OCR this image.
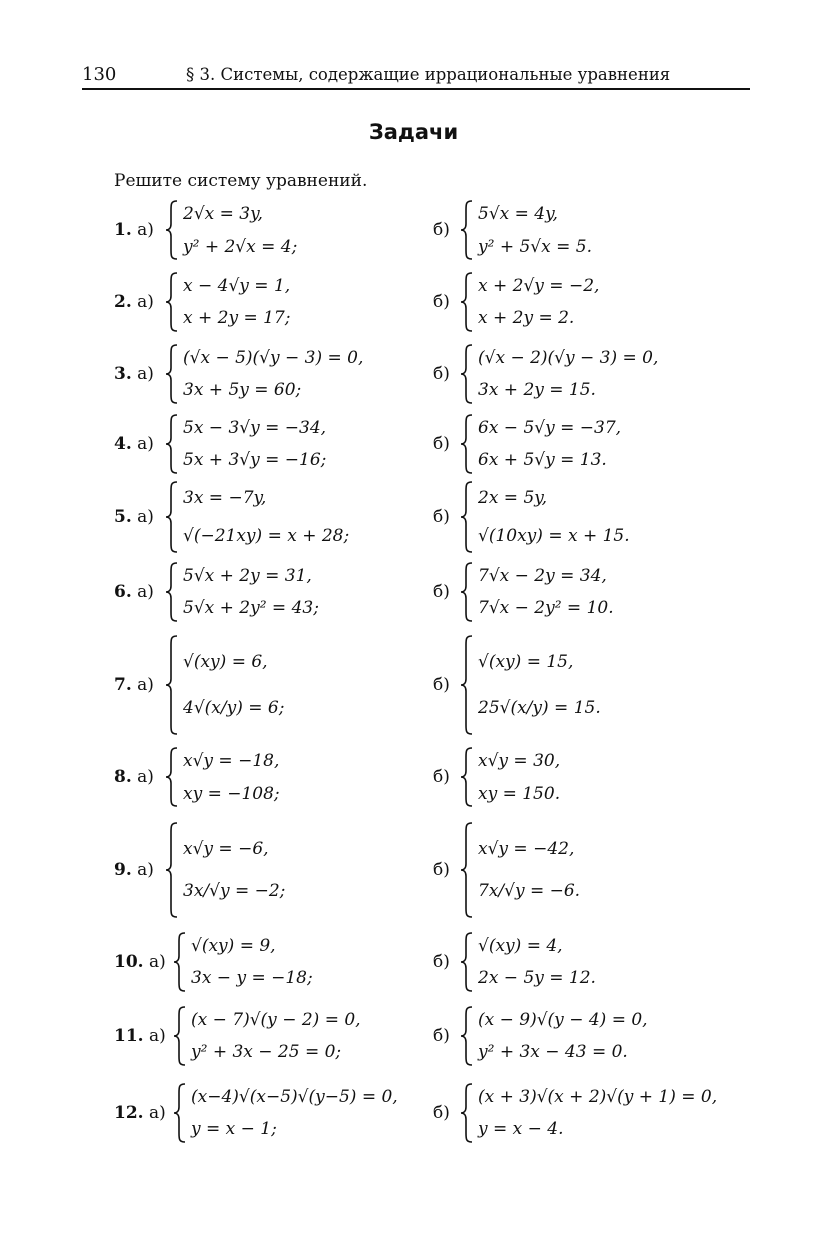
130	§ 3. Системы, содержащие иррациональные уравнения
Задачи
Решите систему уравнений.
1. а)
2√x = 3y,
y² + 2√x = 4;
б)
5√x = 4y,
y² + 5√x = 5.
2. а)
x − 4√y = 1,
x + 2y = 17;
б)
x + 2√y = −2,
x + 2y = 2.
3. а)
(√x − 5)(√y − 3) = 0,
3x + 5y = 60;
б)
(√x − 2)(√y − 3) = 0,
3x + 2y = 15.
4. а)
5x − 3√y = −34,
5x + 3√y = −16;
б)
6x − 5√y = −37,
6x + 5√y = 13.
5. а)
3x = −7y,
√(−21xy) = x + 28;
б)
2x = 5y,
√(10xy) = x + 15.
6. а)
5√x + 2y = 31,
5√x + 2y² = 43;
б)
7√x − 2y = 34,
7√x − 2y² = 10.
7. а)
√(xy) = 6,
4√(x/y) = 6;
б)
√(xy) = 15,
25√(x/y) = 15.
8. а)
x√y = −18,
xy = −108;
б)
x√y = 30,
xy = 150.
9. а)
x√y = −6,
3x/√y = −2;
б)
x√y = −42,
7x/√y = −6.
10. а)
√(xy) = 9,
3x − y = −18;
б)
√(xy) = 4,
2x − 5y = 12.
11. а)
(x − 7)√(y − 2) = 0,
y² + 3x − 25 = 0;
б)
(x − 9)√(y − 4) = 0,
y² + 3x − 43 = 0.
12. а)
(x−4)√(x−5)√(y−5) = 0,
y = x − 1;
б)
(x + 3)√(x + 2)√(y + 1) = 0,
y = x − 4.
